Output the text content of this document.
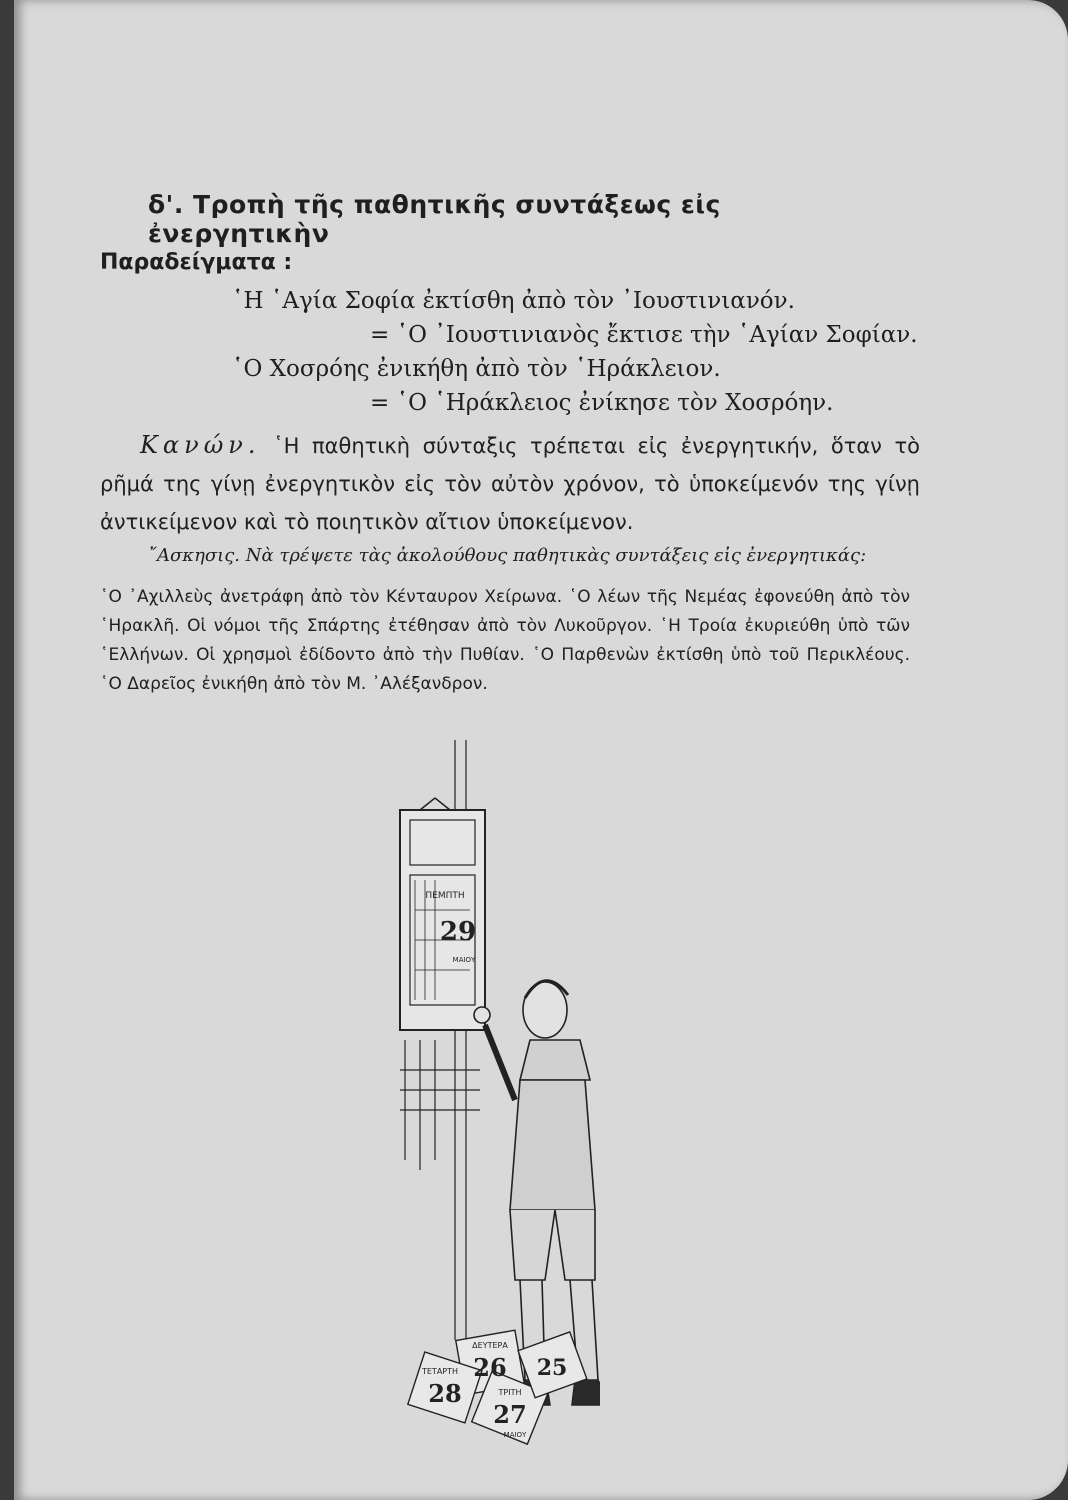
δ'. Τροπὴ τῆς παθητικῆς συντάξεως εἰς ἐνεργητικὴν
Παραδείγματα :
῾Η ῾Αγία Σοφία ἐκτίσθη ἀπὸ τὸν ᾿Ιουστινιανόν.
= ῾Ο ᾿Ιουστινιανὸς ἔκτισε τὴν ῾Αγίαν Σοφίαν.
῾Ο Χοσρόης ἐνικήθη ἀπὸ τὸν ῾Ηράκλειον.
= ῾Ο ῾Ηράκλειος ἐνίκησε τὸν Χοσρόην.
Κανών. ῾Η παθητικὴ σύνταξις τρέπεται εἰς ἐνεργητικήν, ὅταν τὸ ρῆμά της γίνῃ ἐνεργητικὸν εἰς τὸν αὐτὸν χρόνον, τὸ ὑποκείμενόν της γίνῃ ἀντικείμενον καὶ τὸ ποιητικὸν αἴτιον ὑποκείμενον.
῎Ασκησις. Νὰ τρέψετε τὰς ἀκολούθους παθητικὰς συντάξεις εἰς ἐνεργητικάς:
῾Ο ᾿Αχιλλεὺς ἀνετράφη ἀπὸ τὸν Κένταυρον Χείρωνα. ῾Ο λέων τῆς Νεμέας ἐφονεύθη ἀπὸ τὸν ῾Ηρακλῆ. Οἱ νόμοι τῆς Σπάρτης ἐτέθησαν ἀπὸ τὸν Λυκοῦργον. ῾Η Τροία ἐκυριεύθη ὑπὸ τῶν ῾Ελλήνων. Οἱ χρησμοὶ ἐδίδοντο ἀπὸ τὴν Πυθίαν. ῾Ο Παρθενὼν ἐκτίσθη ὑπὸ τοῦ Περικλέους. ῾Ο Δαρεῖος ἐνικήθη ἀπὸ τὸν Μ. ᾿Αλέξανδρον.
ΠΕΜΠΤΗ
29
ΜΑΙΟΥ
ΔΕΥΤΕΡΑ
26
ΤΕΤΑΡΤΗ
28	ΤΡΙΤΗ
27
ΜΑΙΟΥ
25
